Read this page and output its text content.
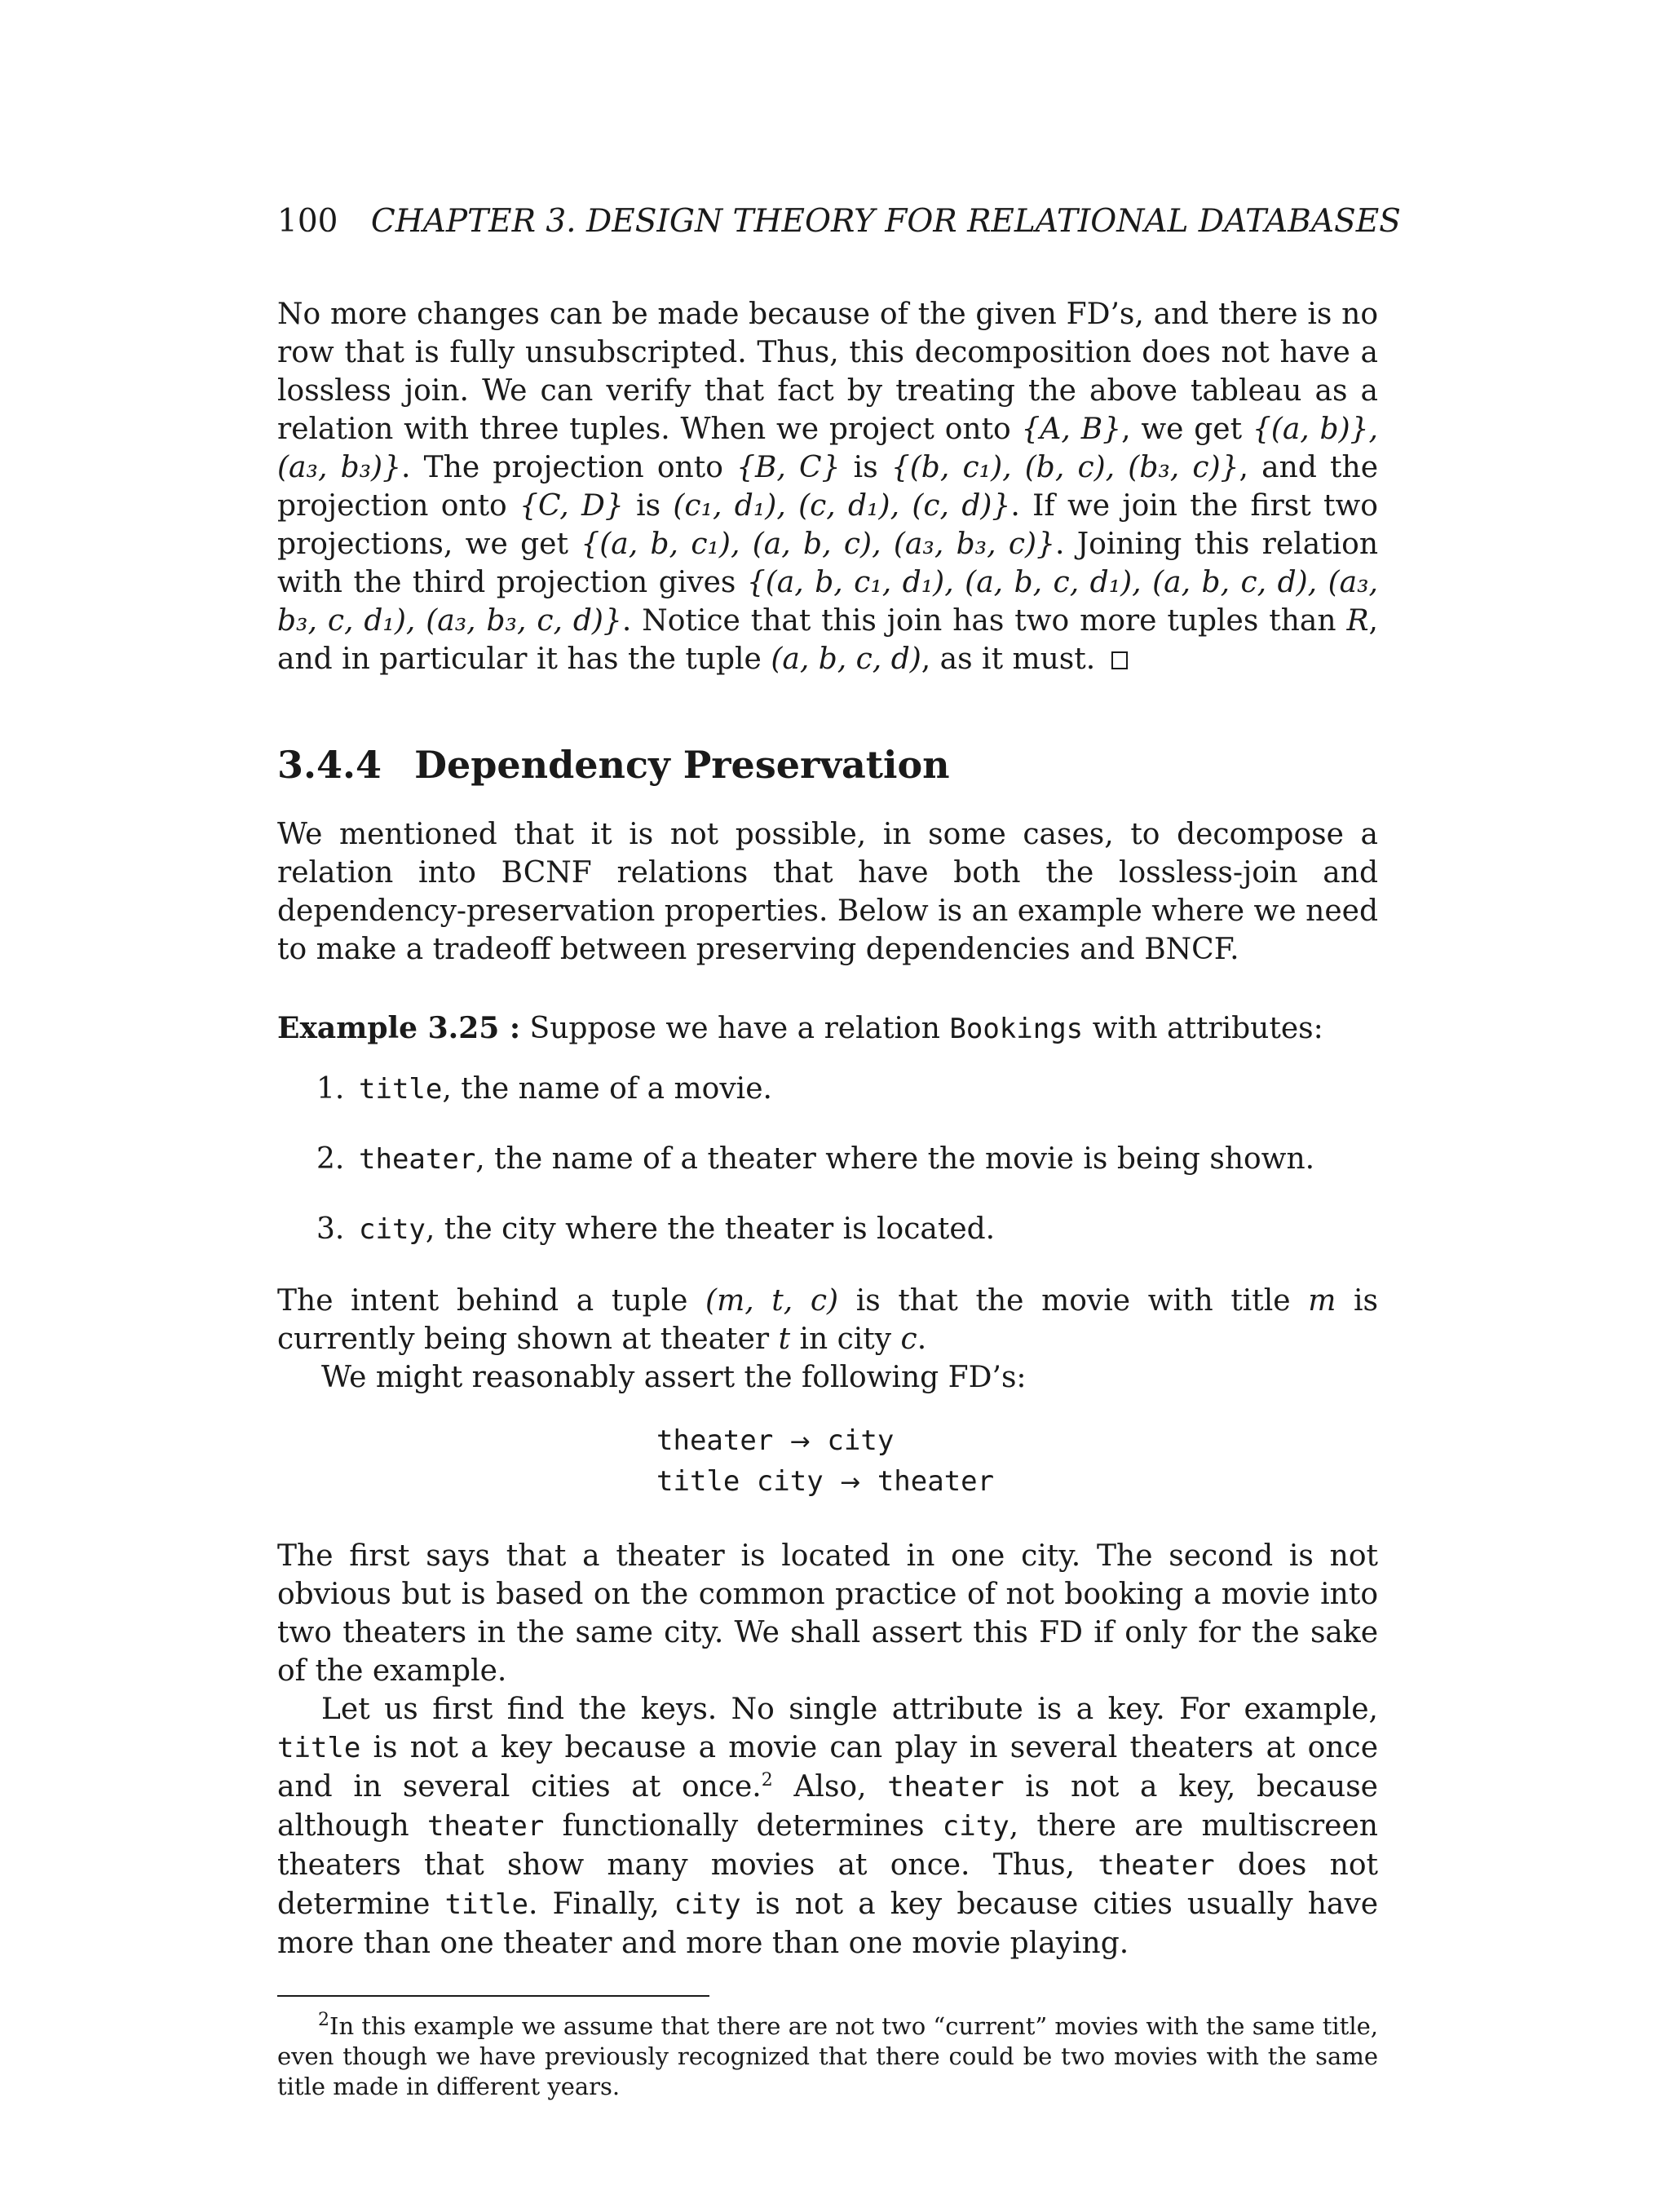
100 CHAPTER 3. DESIGN THEORY FOR RELATIONAL DATABASES

No more changes can be made because of the given FD’s, and there is no row that is fully unsubscripted. Thus, this decomposition does not have a lossless join. We can verify that fact by treating the above tableau as a relation with three tuples. When we project onto {A, B}, we get {(a, b)}, (a₃, b₃)}. The projection onto {B, C} is {(b, c₁), (b, c), (b₃, c)}, and the projection onto {C, D} is (c₁, d₁), (c, d₁), (c, d)}. If we join the first two projections, we get {(a, b, c₁), (a, b, c), (a₃, b₃, c)}. Joining this relation with the third projection gives {(a, b, c₁, d₁), (a, b, c, d₁), (a, b, c, d), (a₃, b₃, c, d₁), (a₃, b₃, c, d)}. Notice that this join has two more tuples than R, and in particular it has the tuple (a, b, c, d), as it must.

3.4.4 Dependency Preservation

We mentioned that it is not possible, in some cases, to decompose a relation into BCNF relations that have both the lossless-join and dependency-preservation properties. Below is an example where we need to make a tradeoff between preserving dependencies and BNCF.

Example 3.25 : Suppose we have a relation Bookings with attributes:

1. title, the name of a movie.
2. theater, the name of a theater where the movie is being shown.
3. city, the city where the theater is located.

The intent behind a tuple (m, t, c) is that the movie with title m is currently being shown at theater t in city c.

We might reasonably assert the following FD’s:

theater → city
title city → theater

The first says that a theater is located in one city. The second is not obvious but is based on the common practice of not booking a movie into two theaters in the same city. We shall assert this FD if only for the sake of the example.

Let us first find the keys. No single attribute is a key. For example, title is not a key because a movie can play in several theaters at once and in several cities at once.$^2$ Also, theater is not a key, because although theater functionally determines city, there are multiscreen theaters that show many movies at once. Thus, theater does not determine title. Finally, city is not a key because cities usually have more than one theater and more than one movie playing.

$^2$In this example we assume that there are not two “current” movies with the same title, even though we have previously recognized that there could be two movies with the same title made in different years.
